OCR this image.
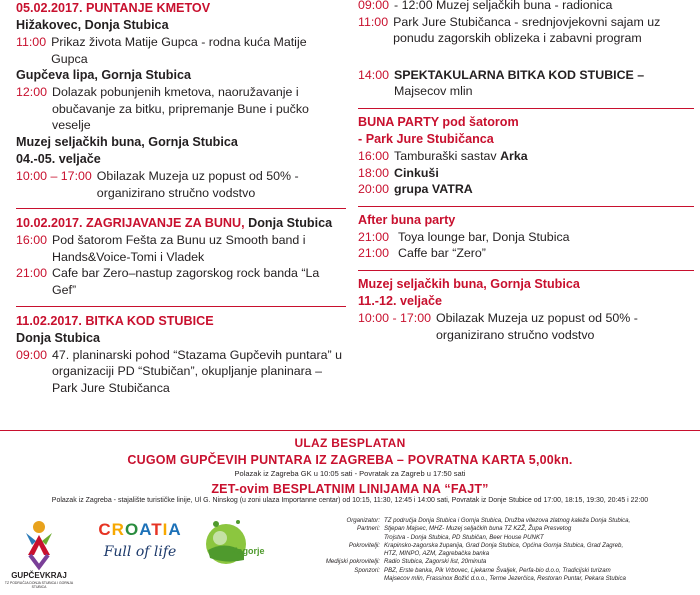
05.02.2017. PUNTANJE KMETOV
Hižakovec, Donja Stubica
11:00 Prikaz života Matije Gupca - rodna kuća Matije Gupca
Gupčeva lipa, Gornja Stubica
12:00 Dolazak pobunjenih kmetova, naoružavanje i obučavanje za bitku, pripremanje Bune i pučko veselje
Muzej seljačkih buna, Gornja Stubica
04.-05. veljače
10:00 – 17:00 Obilazak Muzeja uz popust od 50% - organizirano stručno vodstvo
10.02.2017. ZAGRIJAVANJE ZA BUNU, Donja Stubica
16:00 Pod šatorom Fešta za Bunu uz Smooth band i Hands&Voice-Tomi i Vladek
21:00 Cafe bar Zero–nastup zagorskog rock banda “La Gef”
11.02.2017. BITKA KOD STUBICE
Donja Stubica
09:00 47. planinarski pohod “Stazama Gupčevih puntara” u organizaciji PD “Stubičan”, okupljanje planinara – Park Jure Stubičanca
09:00 - 12:00 Muzej seljačkih buna - radionica
11:00 Park Jure Stubičanca - srednjovjekovni sajam uz ponudu zagorskih oblizeka i zabavni program
14:00 SPEKTAKULARNA BITKA KOD STUBICE –
Majsecov mlin
BUNA PARTY pod šatorom
- Park Jure Stubičanca
16:00 Tamburaški sastav Arka
18:00 Cinkuši
20:00 grupa VATRA
After buna party
21:00 Toya lounge bar, Donja Stubica
21:00 Caffe bar “Zero”
Muzej seljačkih buna, Gornja Stubica
11.-12. veljače
10:00 - 17:00 Obilazak Muzeja uz popust od 50% - organizirano stručno vodstvo
ULAZ BESPLATAN
CUGOM GUPČEVIH PUNTARA IZ ZAGREBA – POVRATNA KARTA 5,00kn.
Polazak iz Zagreba GK u 10:05 sati - Povratak za Zagreb u 17:50 sati
ZET-ovim BESPLATNIM LINIJAMA NA “FAJT”
Polazak iz Zagreba - stajalište turističke linije, Ul G. Ninskog (u zoni ulaza Importanne centar) od 10:15, 11:30, 12:45 i 14:00 sati, Povratak iz Donje Stubice od 17:00, 18:15, 19:30, 20:45 i 22:00
GUPČEVKRAJ
TZ PODRUČJA DONJA STUBICA I GORNJA STUBICA
CROATIA
Full of life	Zagorje
Organizator: TZ područja Donja Stubica i Gornja Stubica, Družba vitezova zlatnog kaleža Donja Stubica,
Partneri: Stjepan Majsec, MHZ- Muzej seljačkih buna TZ KZŽ, Župa Presvetog
Trojstva - Donja Stubica, PD Stubičan, Beer House PUNKT
Pokrovitelji: Krapinsko-zagorska županija, Grad Donja Stubica, Općina Gornja Stubica, Grad Zagreb,
HTZ, MINPO, AZM, Zagrebačka banka
Medijski pokrovitelji: Radio Stubica, Zagorski list, 20minuta
Sponzori: PBZ, Erste banka, Pik Vrbovec, Ljekarne Švaljek, Perfa-bio d.o.o, Tradicijski turizam
Majsecov mlin, Frassinox Božić d.o.o., Terme Jezerčica, Restoran Puntar, Pekara Stubica
